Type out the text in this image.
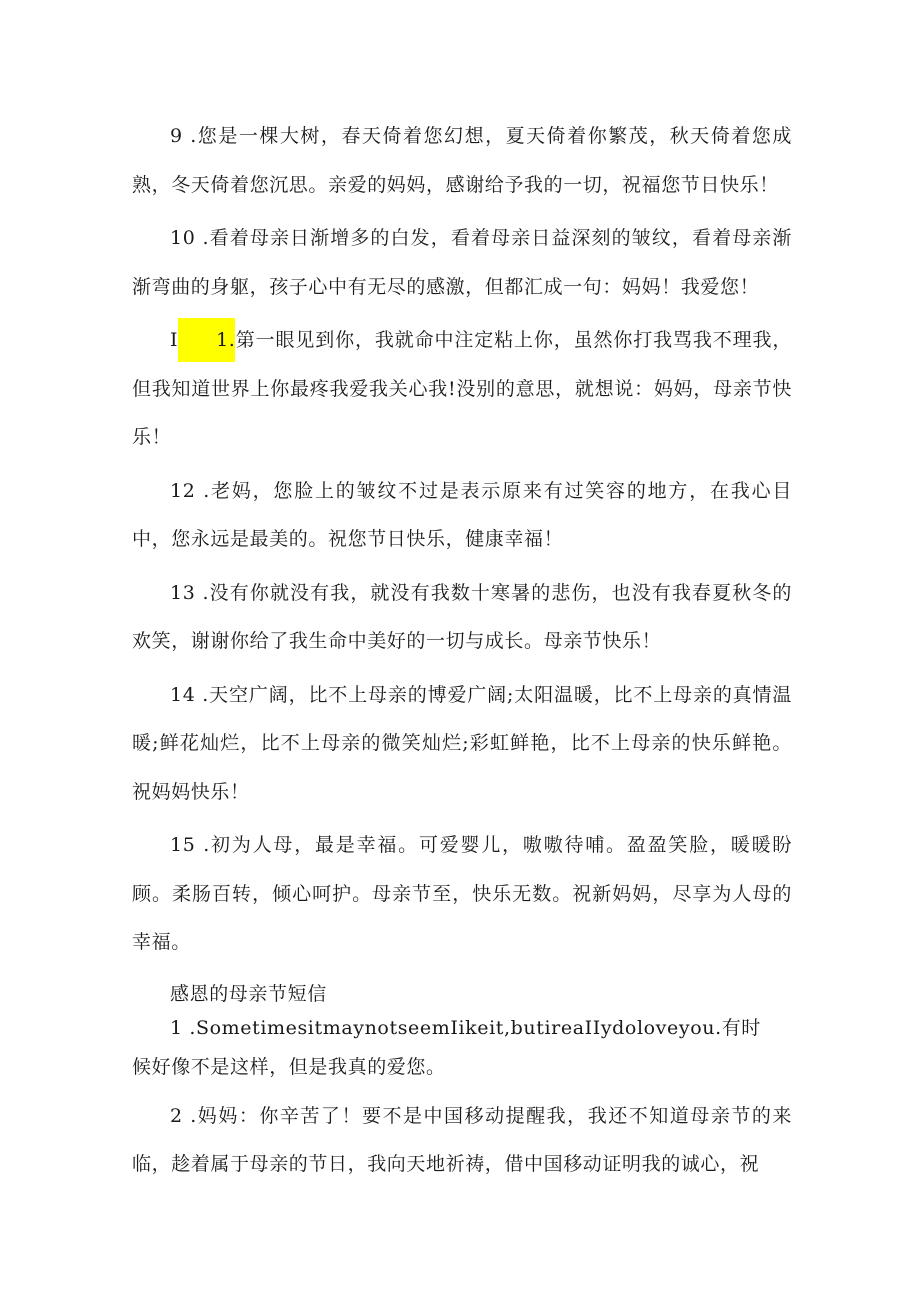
9 .您是一棵大树，春天倚着您幻想，夏天倚着你繁茂，秋天倚着您成熟，冬天倚着您沉思。亲爱的妈妈，感谢给予我的一切，祝福您节日快乐！

10 .看着母亲日渐增多的白发，看着母亲日益深刻的皱纹，看着母亲渐渐弯曲的身躯，孩子心中有无尽的感激，但都汇成一句：妈妈！我爱您！

I 1.第一眼见到你，我就命中注定粘上你，虽然你打我骂我不理我，但我知道世界上你最疼我爱我关心我!没别的意思，就想说：妈妈，母亲节快乐！

12 .老妈，您脸上的皱纹不过是表示原来有过笑容的地方，在我心目中，您永远是最美的。祝您节日快乐，健康幸福！

13 .没有你就没有我，就没有我数十寒暑的悲伤，也没有我春夏秋冬的欢笑，谢谢你给了我生命中美好的一切与成长。母亲节快乐！

14 .天空广阔，比不上母亲的博爱广阔;太阳温暖，比不上母亲的真情温暖;鲜花灿烂，比不上母亲的微笑灿烂;彩虹鲜艳，比不上母亲的快乐鲜艳。祝妈妈快乐！

15 .初为人母，最是幸福。可爱婴儿，嗷嗷待哺。盈盈笑脸，暖暖盼顾。柔肠百转，倾心呵护。母亲节至，快乐无数。祝新妈妈，尽享为人母的幸福。

感恩的母亲节短信

1 .SometimesitmaynotseemIikeit,butireaIIydoloveyou.有时
候好像不是这样，但是我真的爱您。

2 .妈妈：你辛苦了！要不是中国移动提醒我，我还不知道母亲节的来临，趁着属于母亲的节日，我向天地祈祷，借中国移动证明我的诚心，祝
